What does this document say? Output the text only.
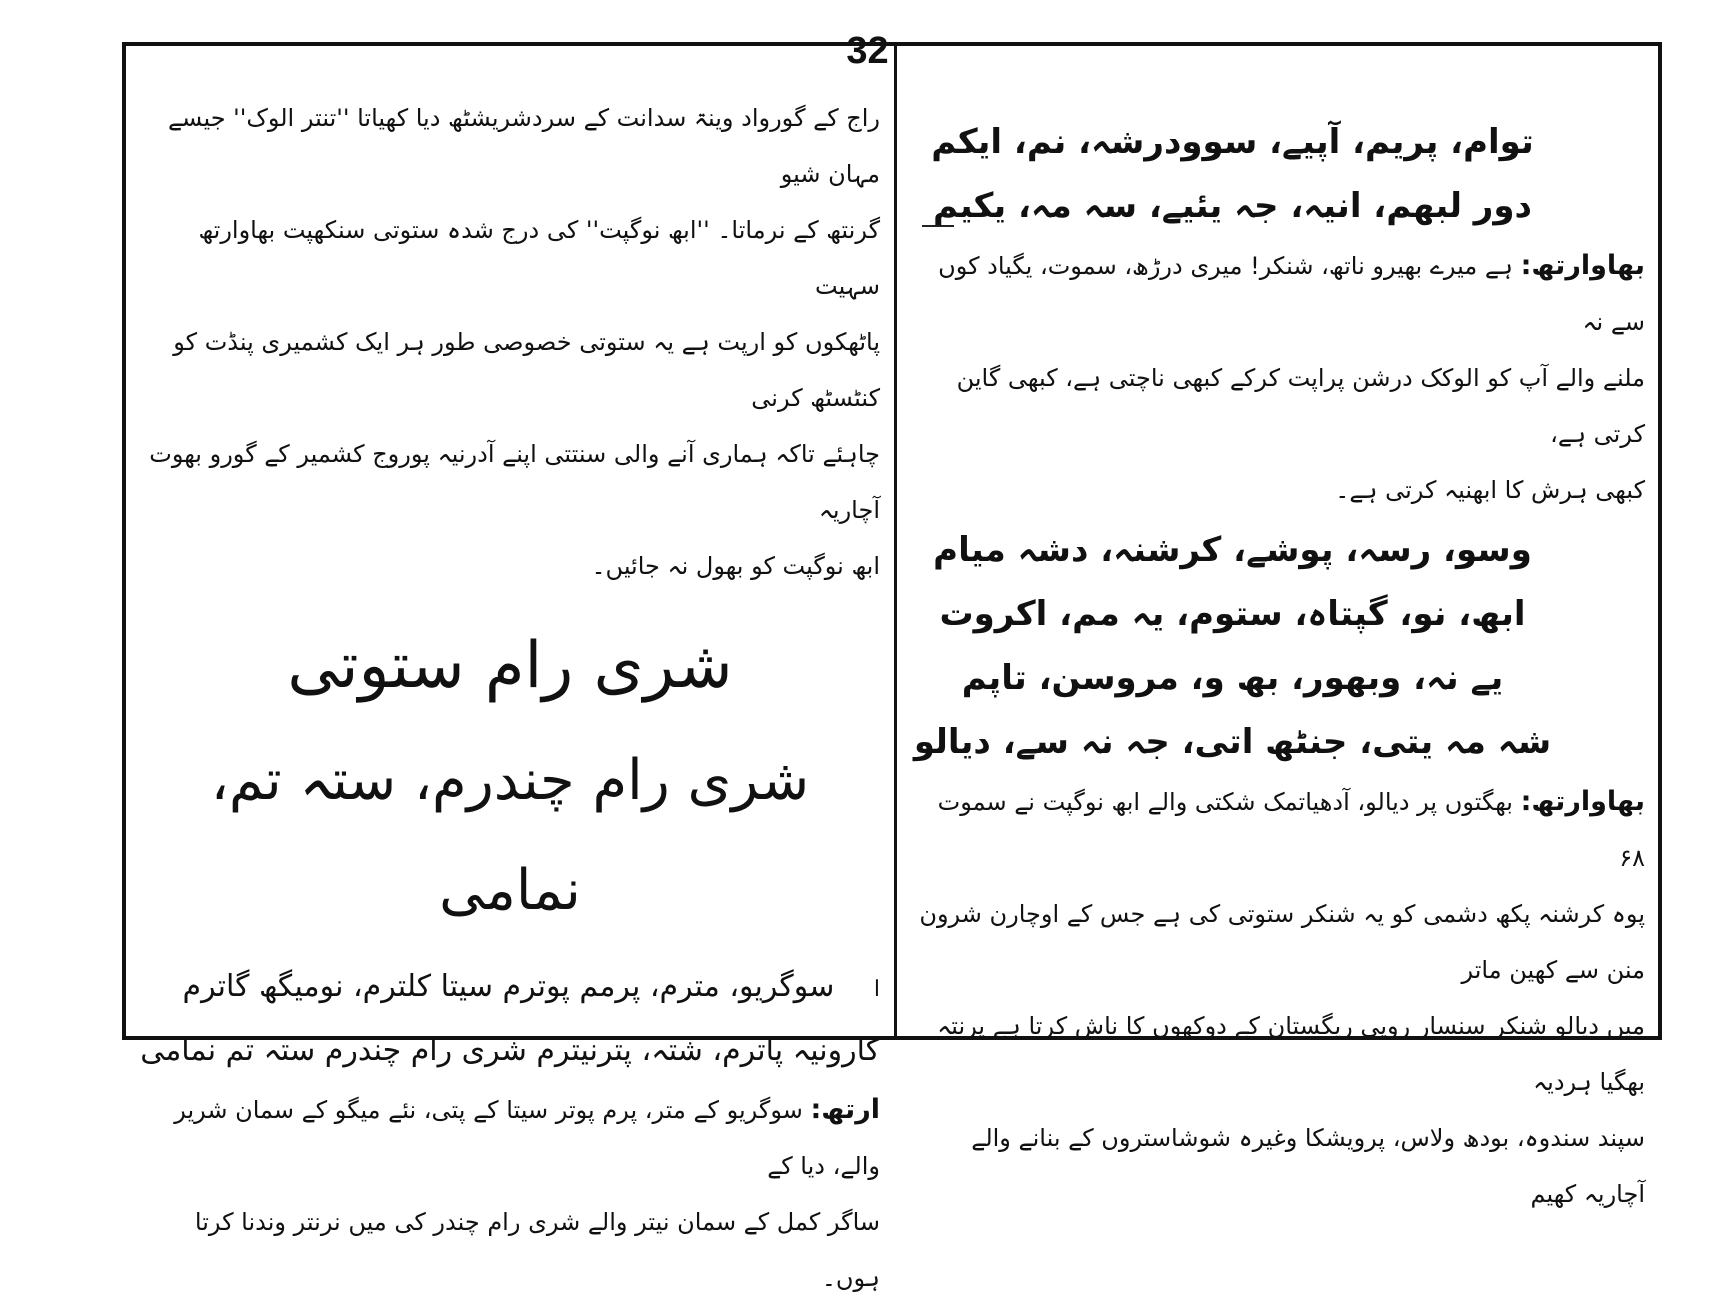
32

راج کے گورواد وینۃ سدانت کے سردشریشٹھ دیا کھیاتا ''تنتر الوک'' جیسے مہان شیو

گرنتھ کے نرماتا۔ ''ابھ نوگپت'' کی درج شدہ ستوتی سنکھپت بھاوارتھ سہیت

پاٹھکوں کو ارپت ہے یہ ستوتی خصوصی طور ہر ایک کشمیری پنڈت کو کنٹسٹھ کرنی

چاہئے تاکہ ہماری آنے والی سنتتی اپنے آدرنیہ پوروج کشمیر کے گورو بھوت آچاریہ

ابھ نوگپت کو بھول نہ جائیں۔

شری رام ستوتی
شری رام چندرم، ستہ تم، نمامی

ا سوگریو، مترم، پرمم پوترم سیتا کلترم، نومیگھ گاترم

کارونیہ پاترم، شتہ، پترنیترم شری رام چندرم ستہ تم نمامی

ارتھ: سوگریو کے متر، پرم پوتر سیتا کے پتی، نئے میگو کے سمان شریر والے، دیا کے

ساگر کمل کے سمان نیتر والے شری رام چندر کی میں نرنتر وندنا کرتا ہوں۔

توام، پریم، آپیے، سوودرشہ، نم، ایکم

دور لبھم، انیہ، جہ یئیے، سہ مہ، یکیم

بھاوارتھ: ہے میرے بھیرو ناتھ، شنکر! میری درڑھ، سموت، یگیاد کوں سے نہ

ملنے والے آپ کو الوکک درشن پراپت کرکے کبھی ناچتی ہے، کبھی گاین کرتی ہے،

کبھی ہرش کا ابھنیہ کرتی ہے۔

وسو، رسہ، پوشے، کرشنہ، دشہ میام

ابھ، نو، گپتاہ، ستوم، یہ مم، اکروت

یے نہ، وبھور، بھ و، مروسن، تاپم

شہ مہ یتی، جنٹھ اتی، جہ نہ سے، دیالو

بھاوارتھ: بھگتوں پر دیالو، آدھیاتمک شکتی والے ابھ نوگپت نے سموت ۶۸

پوہ کرشنہ پکھ دشمی کو یہ شنکر ستوتی کی ہے جس کے اوچارن شرون منن سے کھین ماتر

میں دیالو شنکر سنسار روپی ریگستان کے دوکھوں کا ناش کرتا ہے پرنتہ بھگیا ہردیہ

سپند سندوہ، بودھ ولاس، پرویشکا وغیرہ شوشاستروں کے بنانے والے آچاریہ کھیم
